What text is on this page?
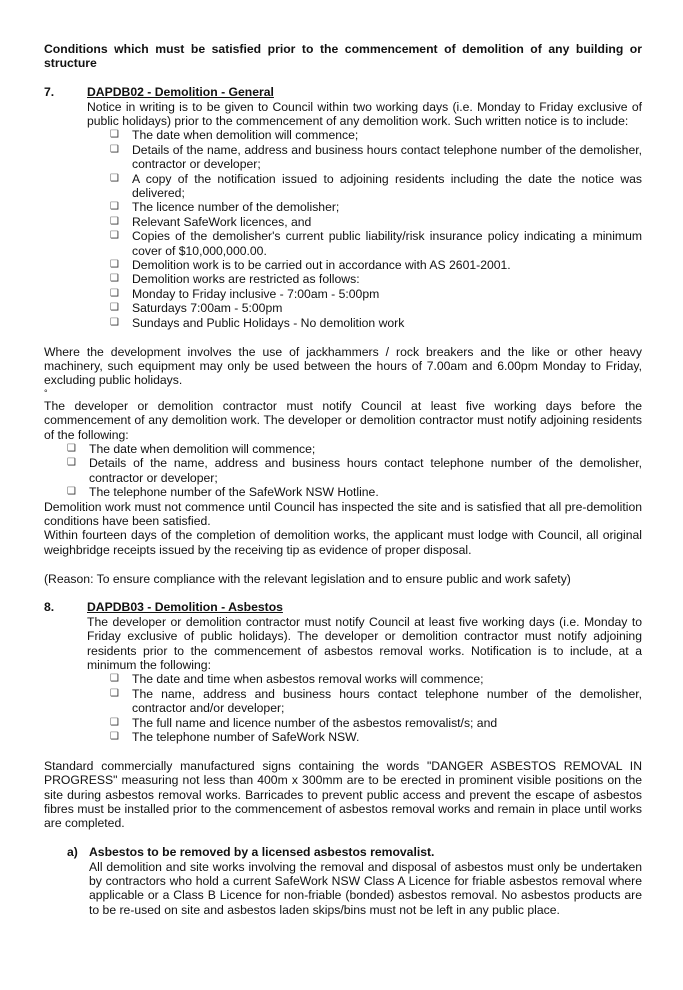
Conditions which must be satisfied prior to the commencement of demolition of any building or structure
7.	DAPDB02 - Demolition - General
Notice in writing is to be given to Council within two working days (i.e. Monday to Friday exclusive of public holidays) prior to the commencement of any demolition work. Such written notice is to include:
❑ The date when demolition will commence;
❑ Details of the name, address and business hours contact telephone number of the demolisher, contractor or developer;
❑ A copy of the notification issued to adjoining residents including the date the notice was delivered;
❑ The licence number of the demolisher;
❑ Relevant SafeWork licences, and
❑ Copies of the demolisher's current public liability/risk insurance policy indicating a minimum cover of $10,000,000.00.
❑ Demolition work is to be carried out in accordance with AS 2601-2001.
❑ Demolition works are restricted as follows:
❑ Monday to Friday inclusive - 7:00am - 5:00pm
❑ Saturdays 7:00am - 5:00pm
❑ Sundays and Public Holidays - No demolition work
Where the development involves the use of jackhammers / rock breakers and the like or other heavy machinery, such equipment may only be used between the hours of 7.00am and 6.00pm Monday to Friday, excluding public holidays.
°
The developer or demolition contractor must notify Council at least five working days before the commencement of any demolition work. The developer or demolition contractor must notify adjoining residents of the following:
❑ The date when demolition will commence;
❑ Details of the name, address and business hours contact telephone number of the demolisher, contractor or developer;
❑ The telephone number of the SafeWork NSW Hotline.
Demolition work must not commence until Council has inspected the site and is satisfied that all pre-demolition conditions have been satisfied.
Within fourteen days of the completion of demolition works, the applicant must lodge with Council, all original weighbridge receipts issued by the receiving tip as evidence of proper disposal.
(Reason: To ensure compliance with the relevant legislation and to ensure public and work safety)
8.	DAPDB03 - Demolition - Asbestos
The developer or demolition contractor must notify Council at least five working days (i.e. Monday to Friday exclusive of public holidays). The developer or demolition contractor must notify adjoining residents prior to the commencement of asbestos removal works. Notification is to include, at a minimum the following:
❑ The date and time when asbestos removal works will commence;
❑ The name, address and business hours contact telephone number of the demolisher, contractor and/or developer;
❑ The full name and licence number of the asbestos removalist/s; and
❑ The telephone number of SafeWork NSW.
Standard commercially manufactured signs containing the words "DANGER ASBESTOS REMOVAL IN PROGRESS" measuring not less than 400m x 300mm are to be erected in prominent visible positions on the site during asbestos removal works. Barricades to prevent public access and prevent the escape of asbestos fibres must be installed prior to the commencement of asbestos removal works and remain in place until works are completed.
a) Asbestos to be removed by a licensed asbestos removalist.
All demolition and site works involving the removal and disposal of asbestos must only be undertaken by contractors who hold a current SafeWork NSW Class A Licence for friable asbestos removal where applicable or a Class B Licence for non-friable (bonded) asbestos removal. No asbestos products are to be re-used on site and asbestos laden skips/bins must not be left in any public place.
